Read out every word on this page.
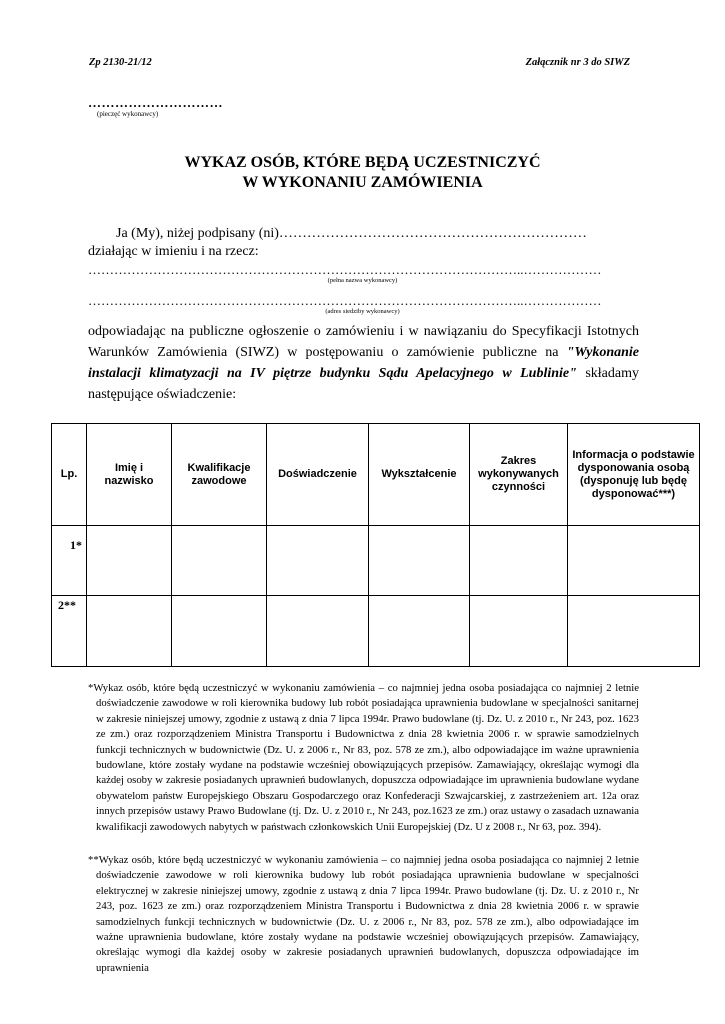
Zp 2130-21/12	Załącznik nr 3 do SIWZ
…………………………
(pieczęć wykonawcy)
WYKAZ OSÓB, KTÓRE BĘDĄ UCZESTNICZYĆ
W WYKONANIU ZAMÓWIENIA
Ja (My), niżej podpisany (ni)…………………………………………………………
działając w imieniu i na rzecz:
………………………………………………………………………………………..………………
(pełna nazwa wykonawcy)
………………………………………………………………………………………..………………
(adres siedziby wykonawcy)
odpowiadając na publiczne ogłoszenie o zamówieniu i w nawiązaniu do Specyfikacji Istotnych Warunków Zamówienia (SIWZ) w postępowaniu o zamówienie publiczne na "Wykonanie instalacji klimatyzacji na IV piętrze budynku Sądu Apelacyjnego w Lublinie" składamy następujące oświadczenie:
Lp.	Imię i nazwisko	Kwalifikacje zawodowe	Doświadczenie	Wykształcenie	Zakres wykonywanych czynności	Informacja o podstawie dysponowania osobą (dysponuję lub będę dysponować***)
1*						
2**						

*Wykaz osób, które będą uczestniczyć w wykonaniu zamówienia – co najmniej jedna osoba posiadająca co najmniej 2 letnie doświadczenie zawodowe w roli kierownika budowy lub robót posiadająca uprawnienia budowlane w specjalności sanitarnej w zakresie niniejszej umowy, zgodnie z ustawą z dnia 7 lipca 1994r. Prawo budowlane (tj. Dz. U. z 2010 r., Nr 243, poz. 1623 ze zm.) oraz rozporządzeniem Ministra Transportu i Budownictwa z dnia 28 kwietnia 2006 r. w sprawie samodzielnych funkcji technicznych w budownictwie (Dz. U. z 2006 r., Nr 83, poz. 578 ze zm.), albo odpowiadające im ważne uprawnienia budowlane, które zostały wydane na podstawie wcześniej obowiązujących przepisów. Zamawiający, określając wymogi dla każdej osoby w zakresie posiadanych uprawnień budowlanych, dopuszcza odpowiadające im uprawnienia budowlane wydane obywatelom państw Europejskiego Obszaru Gospodarczego oraz Konfederacji Szwajcarskiej, z zastrzeżeniem art. 12a oraz innych przepisów ustawy Prawo Budowlane (tj. Dz. U. z 2010 r., Nr 243, poz.1623 ze zm.) oraz ustawy o zasadach uznawania kwalifikacji zawodowych nabytych w państwach członkowskich Unii Europejskiej (Dz. U z 2008 r., Nr 63, poz. 394).

**Wykaz osób, które będą uczestniczyć w wykonaniu zamówienia – co najmniej jedna osoba posiadająca co najmniej 2 letnie doświadczenie zawodowe w roli kierownika budowy lub robót posiadająca uprawnienia budowlane w specjalności elektrycznej w zakresie niniejszej umowy, zgodnie z ustawą z dnia 7 lipca 1994r. Prawo budowlane (tj. Dz. U. z 2010 r., Nr 243, poz. 1623 ze zm.) oraz rozporządzeniem Ministra Transportu i Budownictwa z dnia 28 kwietnia 2006 r. w sprawie samodzielnych funkcji technicznych w budownictwie (Dz. U. z 2006 r., Nr 83, poz. 578 ze zm.), albo odpowiadające im ważne uprawnienia budowlane, które zostały wydane na podstawie wcześniej obowiązujących przepisów. Zamawiający, określając wymogi dla każdej osoby w zakresie posiadanych uprawnień budowlanych, dopuszcza odpowiadające im uprawnienia
